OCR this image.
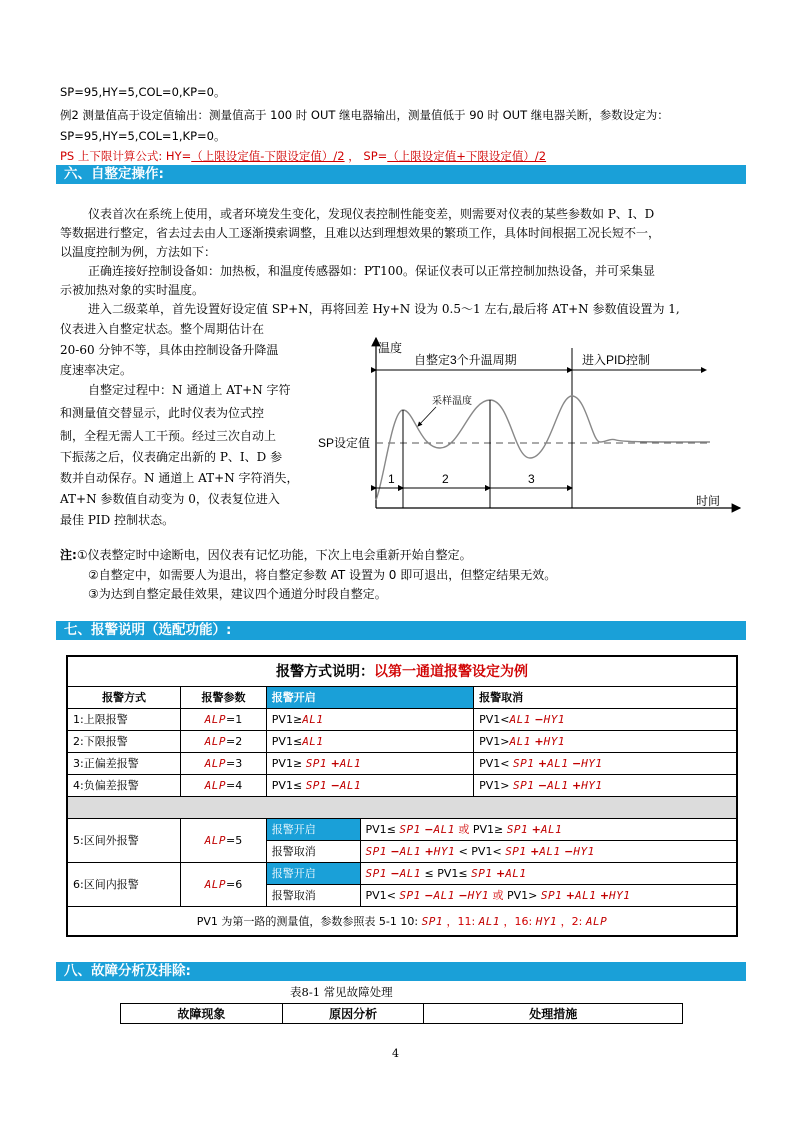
SP=95,HY=5,COL=0,KP=0。
例2 测量值高于设定值输出：测量值高于 100 时 OUT 继电器输出，测量值低于 90 时 OUT 继电器关断，参数设定为：
SP=95,HY=5,COL=1,KP=0。
PS 上下限计算公式: HY=（上限设定值-下限设定值）/2 ， SP=（上限设定值+下限设定值）/2
六、自整定操作:
仪表首次在系统上使用，或者环境发生变化，发现仪表控制性能变差，则需要对仪表的某些参数如 P、I、D
等数据进行整定，省去过去由人工逐渐摸索调整，且难以达到理想效果的繁琐工作，具体时间根据工况长短不一，
以温度控制为例，方法如下：
正确连接好控制设备如：加热板，和温度传感器如：PT100。保证仪表可以正常控制加热设备，并可采集显
示被加热对象的实时温度。
进入二级菜单，首先设置好设定值 SP+N，再将回差 Hy+N 设为 0.5～1 左右,最后将 AT+N 参数值设置为 1,
仪表进入自整定状态。整个周期估计在
20-60 分钟不等，具体由控制设备升降温
度速率决定。
自整定过程中：N 通道上 AT+N 字符
和测量值交替显示，此时仪表为位式控
制，全程无需人工干预。经过三次自动上
下振荡之后，仪表确定出新的 P、I、D 参
数并自动保存。N 通道上 AT+N 字符消失，
AT+N 参数值自动变为 0，仪表复位进入
最佳 PID 控制状态。
温度
时间
SP设定值
自整定3个升温周期	进入PID控制
采样温度
1	2	3
注:①仪表整定时中途断电，因仪表有记忆功能，下次上电会重新开始自整定。
②自整定中，如需要人为退出，将自整定参数 AT 设置为 0 即可退出，但整定结果无效。
③为达到自整定最佳效果，建议四个通道分时段自整定。
七、报警说明（选配功能）:
报警方式说明：以第一通道报警设定为例				
报警方式	报警参数	报警开启		报警取消
1:上限报警	ALP=1	PV1≥AL1		PV1<AL1 −HY1
2:下限报警	ALP=2	PV1≤AL1		PV1>AL1 +HY1
3:正偏差报警	ALP=3	PV1≥ SP1 +AL1		PV1< SP1 +AL1 −HY1
4:负偏差报警	ALP=4	PV1≤ SP1 −AL1		PV1> SP1 −AL1 +HY1

5:区间外报警	ALP=5	报警开启	PV1≤ SP1 −AL1 或 PV1≥ SP1 +AL1	
		报警取消	SP1 −AL1 +HY1 < PV1< SP1 +AL1 −HY1	
6:区间内报警	ALP=6	报警开启	SP1 −AL1 ≤ PV1≤ SP1 +AL1	
		报警取消	PV1< SP1 −AL1 −HY1 或 PV1> SP1 +AL1 +HY1	
PV1 为第一路的测量值，参数参照表 5-1 10: SP1 ，11: AL1 ，16: HY1 ，2: ALP				
八、故障分析及排除:
表8-1 常见故障处理
故障现象	原因分析	处理措施
4
